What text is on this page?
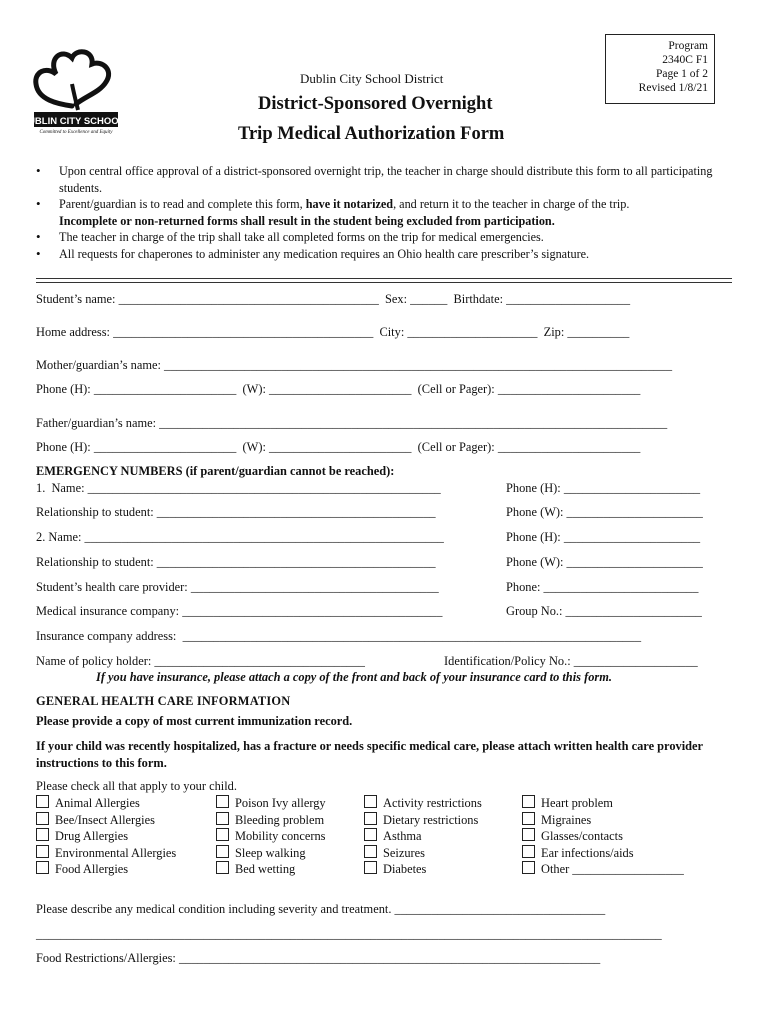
DUBLIN CITY SCHOOLS
Committed to Excellence and Equity
Dublin City School District
District-Sponsored Overnight
Trip Medical Authorization Form
Program
2340C F1
Page 1 of 2
Revised 1/8/21
• Upon central office approval of a district-sponsored overnight trip, the teacher in charge should distribute this form to all participating students.
• Parent/guardian is to read and complete this form, have it notarized, and return it to the teacher in charge of the trip.
Incomplete or non-returned forms shall result in the student being excluded from participation.
• The teacher in charge of the trip shall take all completed forms on the trip for medical emergencies.
• All requests for chaperones to administer any medication requires an Ohio health care prescriber’s signature.
Student’s name: __________________________________________  Sex: ______  Birthdate: ____________________
Home address: __________________________________________  City: _____________________  Zip: __________
Mother/guardian’s name: __________________________________________________________________________________
Phone (H): _______________________  (W): _______________________  (Cell or Pager): _______________________
Father/guardian’s name: __________________________________________________________________________________
Phone (H): _______________________  (W): _______________________  (Cell or Pager): _______________________
EMERGENCY NUMBERS (if parent/guardian cannot be reached):
1.  Name: _________________________________________________________	Phone (H): ______________________
Relationship to student: _____________________________________________	Phone (W): ______________________
2. Name: __________________________________________________________	Phone (H): ______________________
Relationship to student: _____________________________________________	Phone (W): ______________________
Student’s health care provider: ________________________________________	Phone: _________________________
Medical insurance company: __________________________________________	Group No.: ______________________
Insurance company address:  __________________________________________________________________________
Name of policy holder: __________________________________	Identification/Policy No.: ____________________
If you have insurance, please attach a copy of the front and back of your insurance card to this form.
GENERAL HEALTH CARE INFORMATION
Please provide a copy of most current immunization record.
If your child was recently hospitalized, has a fracture or needs specific medical care, please attach written health care provider instructions to this form.
Please check all that apply to your child.
Animal Allergies
Bee/Insect Allergies
Drug Allergies
Environmental Allergies
Food Allergies
Poison Ivy allergy
Bleeding problem
Mobility concerns
Sleep walking
Bed wetting
Activity restrictions
Dietary restrictions
Asthma
Seizures
Diabetes
Heart problem
Migraines
Glasses/contacts
Ear infections/aids
Other __________________
Please describe any medical condition including severity and treatment. __________________________________
_____________________________________________________________________________________________________
Food Restrictions/Allergies: ____________________________________________________________________
